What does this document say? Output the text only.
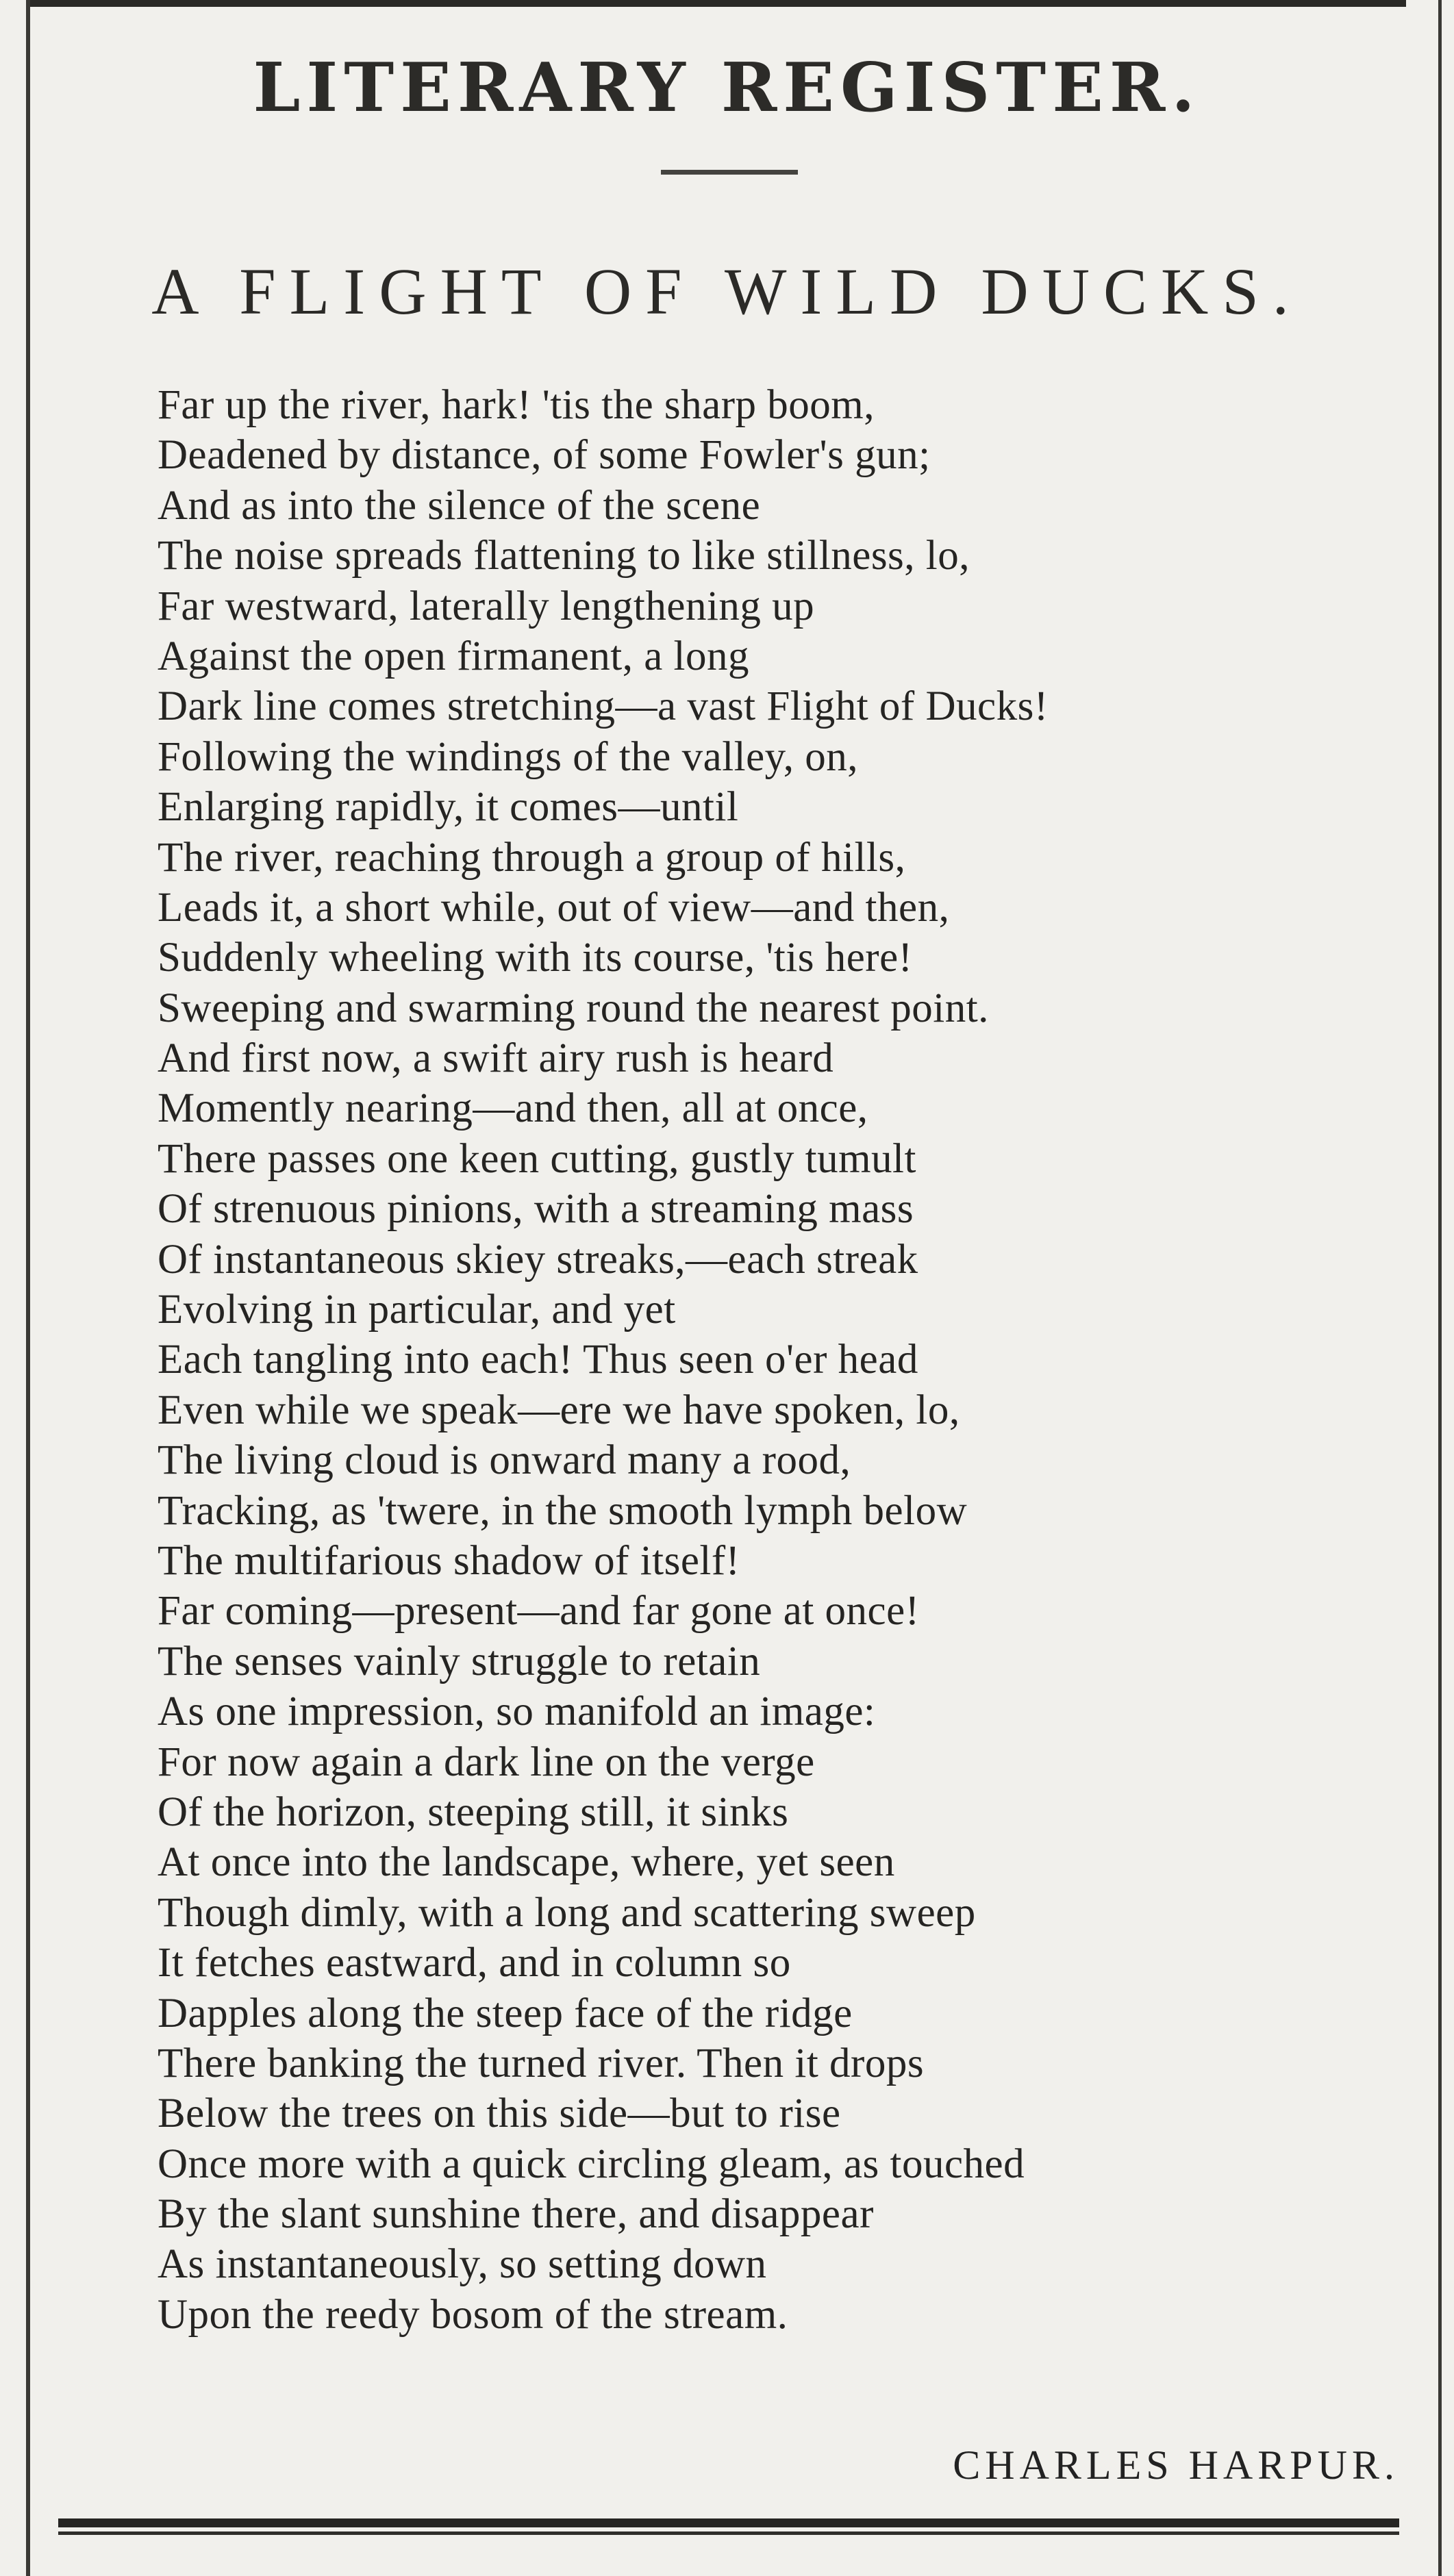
LITERARY REGISTER.
A FLIGHT OF WILD DUCKS.
Far up the river, hark! 'tis the sharp boom,
Deadened by distance, of some Fowler's gun;
And as into the silence of the scene
The noise spreads flattening to like stillness, lo,
Far westward, laterally lengthening up
Against the open firmanent, a long
Dark line comes stretching—a vast Flight of Ducks!
Following the windings of the valley, on,
Enlarging rapidly, it comes—until
The river, reaching through a group of hills,
Leads it, a short while, out of view—and then,
Suddenly wheeling with its course, 'tis here!
Sweeping and swarming round the nearest point.
And first now, a swift airy rush is heard
Momently nearing—and then, all at once,
There passes one keen cutting, gustly tumult
Of strenuous pinions, with a streaming mass
Of instantaneous skiey streaks,—each streak
Evolving in particular, and yet
Each tangling into each! Thus seen o'er head
Even while we speak—ere we have spoken, lo,
The living cloud is onward many a rood,
Tracking, as 'twere, in the smooth lymph below
The multifarious shadow of itself!
Far coming—present—and far gone at once!
The senses vainly struggle to retain
As one impression, so manifold an image:
For now again a dark line on the verge
Of the horizon, steeping still, it sinks
At once into the landscape, where, yet seen
Though dimly, with a long and scattering sweep
It fetches eastward, and in column so
Dapples along the steep face of the ridge
There banking the turned river. Then it drops
Below the trees on this side—but to rise
Once more with a quick circling gleam, as touched
By the slant sunshine there, and disappear
As instantaneously, so setting down
Upon the reedy bosom of the stream.
CHARLES HARPUR.
